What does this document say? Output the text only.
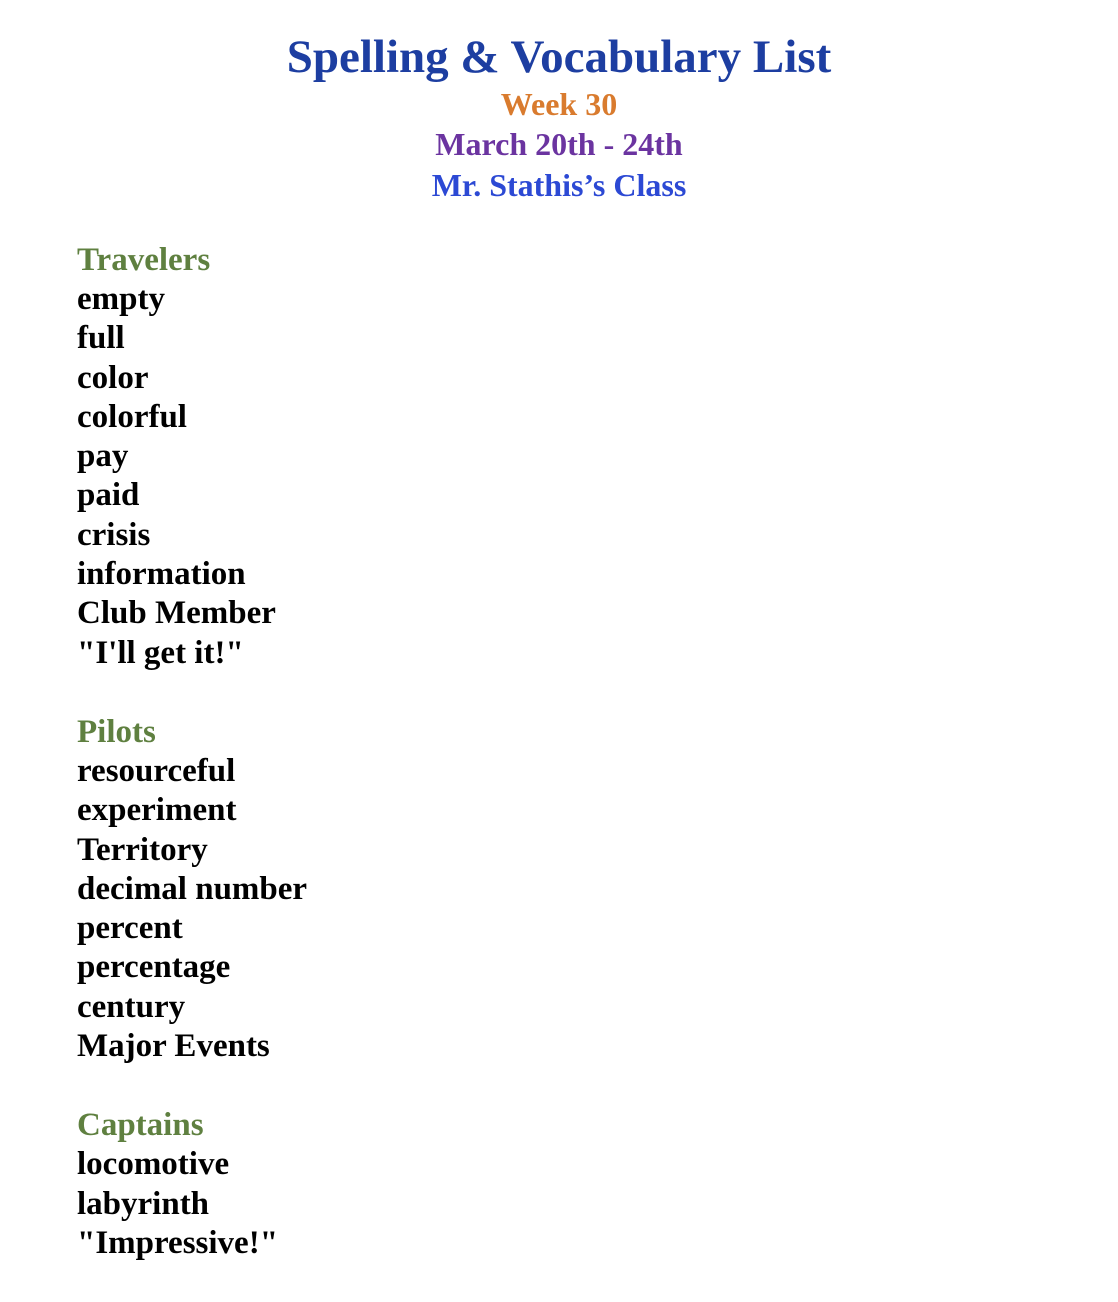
Spelling & Vocabulary List
Week 30
March 20th - 24th
Mr. Stathis’s Class
Travelers
empty
full
color
colorful
pay
paid
crisis
information
Club Member
"I'll get it!"
Pilots
resourceful
experiment
Territory
decimal number
percent
percentage
century
Major Events
Captains
locomotive
labyrinth
"Impressive!"
